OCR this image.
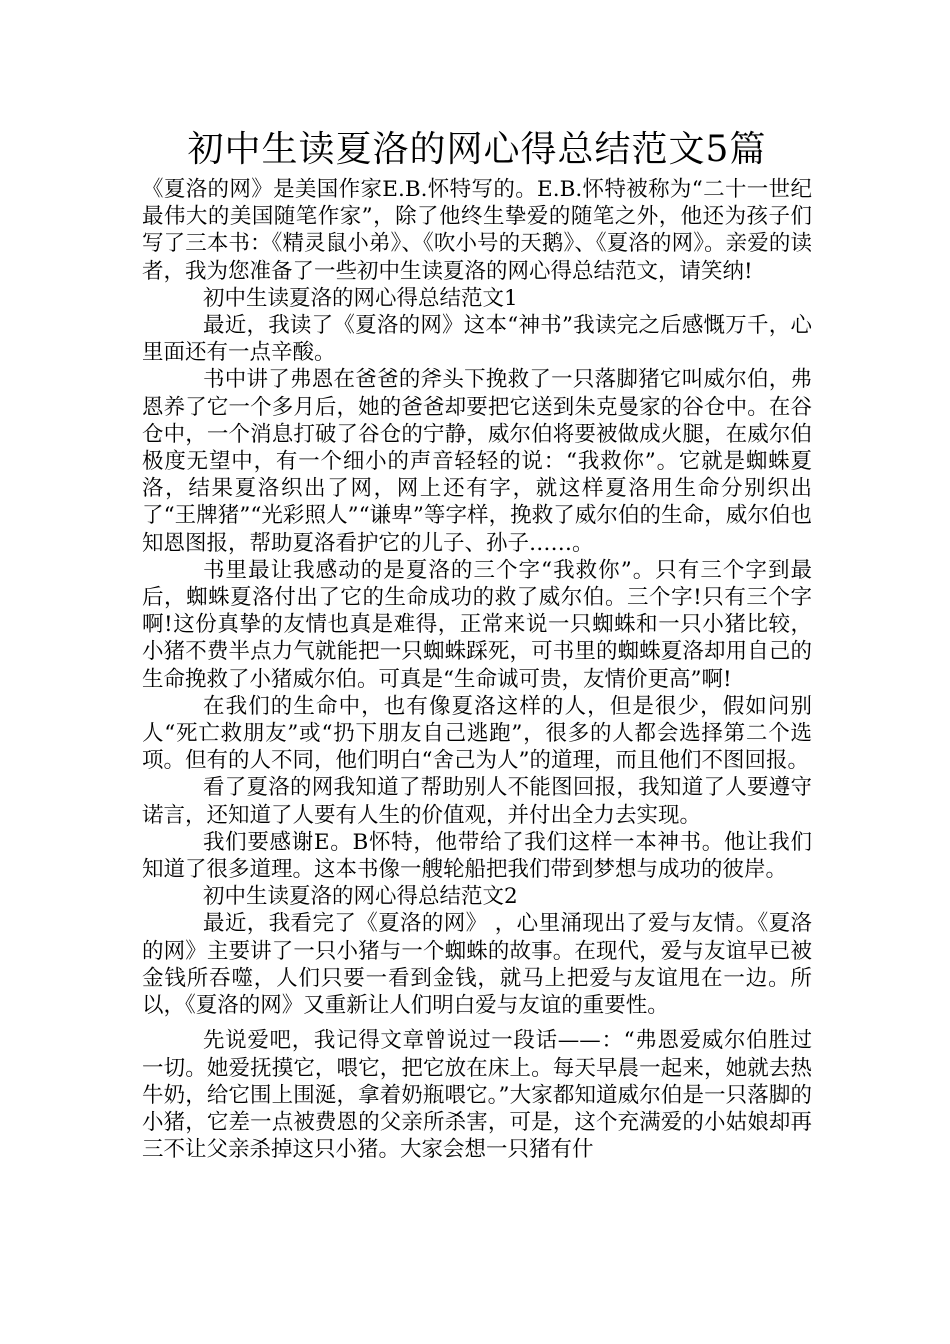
初中生读夏洛的网心得总结范文5篇

《夏洛的网》是美国作家E.B.怀特写的。E.B.怀特被称为“二十一世纪最伟大的美国随笔作家”，除了他终生挚爱的随笔之外，他还为孩子们写了三本书：《精灵鼠小弟》、《吹小号的天鹅》、《夏洛的网》。亲爱的读者，我为您准备了一些初中生读夏洛的网心得总结范文，请笑纳!

初中生读夏洛的网心得总结范文1

最近，我读了《夏洛的网》这本“神书”我读完之后感慨万千，心里面还有一点辛酸。

书中讲了弗恩在爸爸的斧头下挽救了一只落脚猪它叫威尔伯，弗恩养了它一个多月后，她的爸爸却要把它送到朱克曼家的谷仓中。在谷仓中，一个消息打破了谷仓的宁静，威尔伯将要被做成火腿，在威尔伯极度无望中，有一个细小的声音轻轻的说：“我救你”。它就是蜘蛛夏洛，结果夏洛织出了网，网上还有字，就这样夏洛用生命分别织出了“王牌猪”“光彩照人”“谦卑”等字样，挽救了威尔伯的生命，威尔伯也知恩图报，帮助夏洛看护它的儿子、孙子……。

书里最让我感动的是夏洛的三个字“我救你”。只有三个字到最后，蜘蛛夏洛付出了它的生命成功的救了威尔伯。三个字!只有三个字啊!这份真挚的友情也真是难得，正常来说一只蜘蛛和一只小猪比较，小猪不费半点力气就能把一只蜘蛛踩死，可书里的蜘蛛夏洛却用自己的生命挽救了小猪威尔伯。可真是“生命诚可贵，友情价更高”啊!

在我们的生命中，也有像夏洛这样的人，但是很少，假如问别人“死亡救朋友”或“扔下朋友自己逃跑”，很多的人都会选择第二个选项。但有的人不同，他们明白“舍己为人”的道理，而且他们不图回报。

看了夏洛的网我知道了帮助别人不能图回报，我知道了人要遵守诺言，还知道了人要有人生的价值观，并付出全力去实现。

我们要感谢E。B怀特，他带给了我们这样一本神书。他让我们知道了很多道理。这本书像一艘轮船把我们带到梦想与成功的彼岸。

初中生读夏洛的网心得总结范文2

最近，我看完了《夏洛的网》 ，心里涌现出了爱与友情。《夏洛的网》主要讲了一只小猪与一个蜘蛛的故事。在现代，爱与友谊早已被金钱所吞噬，人们只要一看到金钱，就马上把爱与友谊甩在一边。所以，《夏洛的网》又重新让人们明白爱与友谊的重要性。

先说爱吧，我记得文章曾说过一段话——：“弗恩爱威尔伯胜过一切。她爱抚摸它，喂它，把它放在床上。每天早晨一起来，她就去热牛奶，给它围上围涎，拿着奶瓶喂它。”大家都知道威尔伯是一只落脚的小猪，它差一点被费恩的父亲所杀害，可是，这个充满爱的小姑娘却再三不让父亲杀掉这只小猪。大家会想一只猪有什
